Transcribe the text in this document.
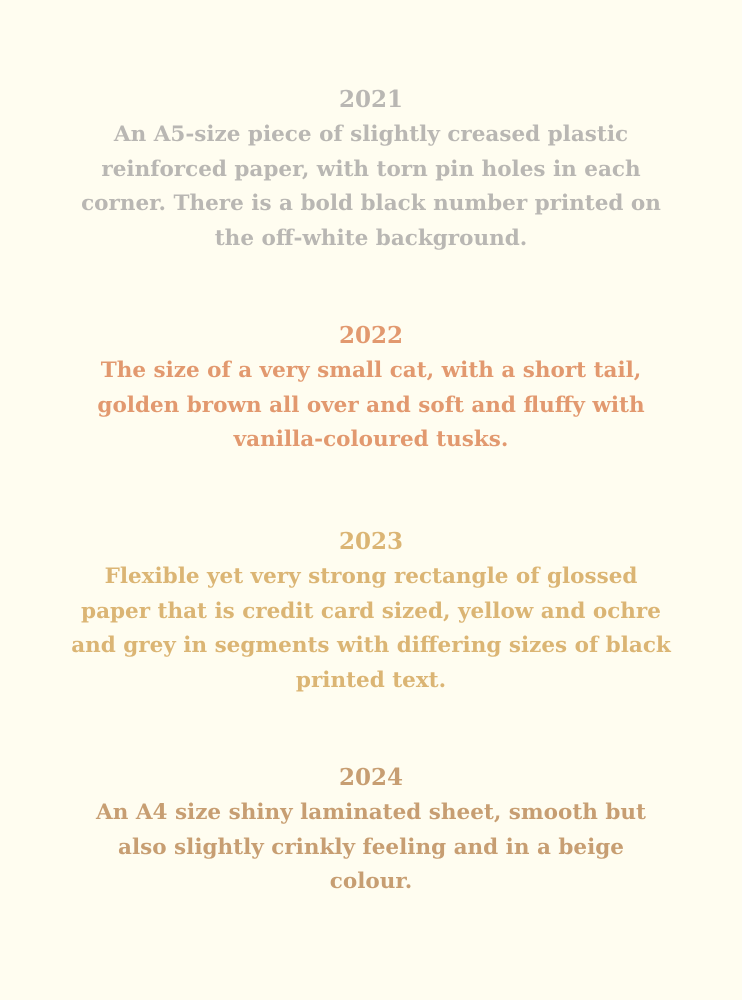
2021
An A5-size piece of slightly creased plastic reinforced paper, with torn pin holes in each corner. There is a bold black number printed on the off-white background.
2022
The size of a very small cat, with a short tail, golden brown all over and soft and fluffy with vanilla-coloured tusks.
2023
Flexible yet very strong rectangle of glossed paper that is credit card sized, yellow and ochre and grey in segments with differing sizes of black printed text.
2024
An A4 size shiny laminated sheet, smooth but also slightly crinkly feeling and in a beige colour.
